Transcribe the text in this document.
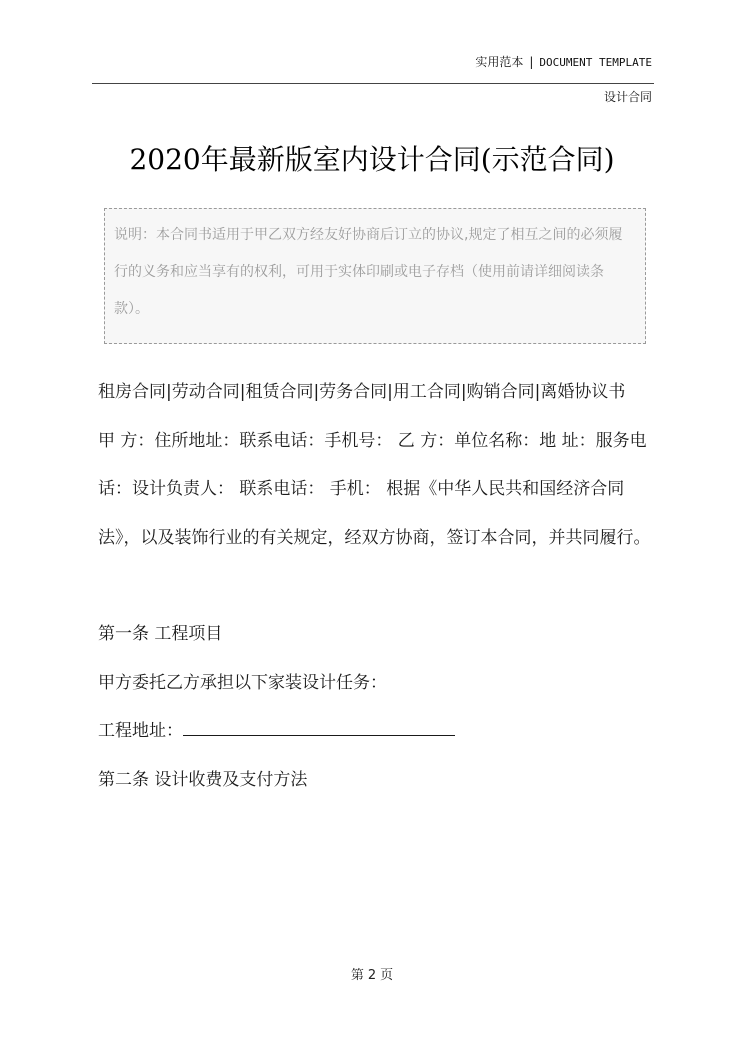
实用范本 | DOCUMENT TEMPLATE
设计合同
2020年最新版室内设计合同(示范合同)
说明：本合同书适用于甲乙双方经友好协商后订立的协议,规定了相互之间的必须履行的义务和应当享有的权利，可用于实体印刷或电子存档（使用前请详细阅读条款）。

租房合同|劳动合同|租赁合同|劳务合同|用工合同|购销合同|离婚协议书

甲 方：住所地址：联系电话：手机号： 乙 方：单位名称：地 址：服务电话：设计负责人： 联系电话： 手机： 根据《中华人民共和国经济合同法》，以及装饰行业的有关规定，经双方协商，签订本合同，并共同履行。

第一条 工程项目

甲方委托乙方承担以下家装设计任务：

工程地址：

第二条 设计收费及支付方法

第 2 页
